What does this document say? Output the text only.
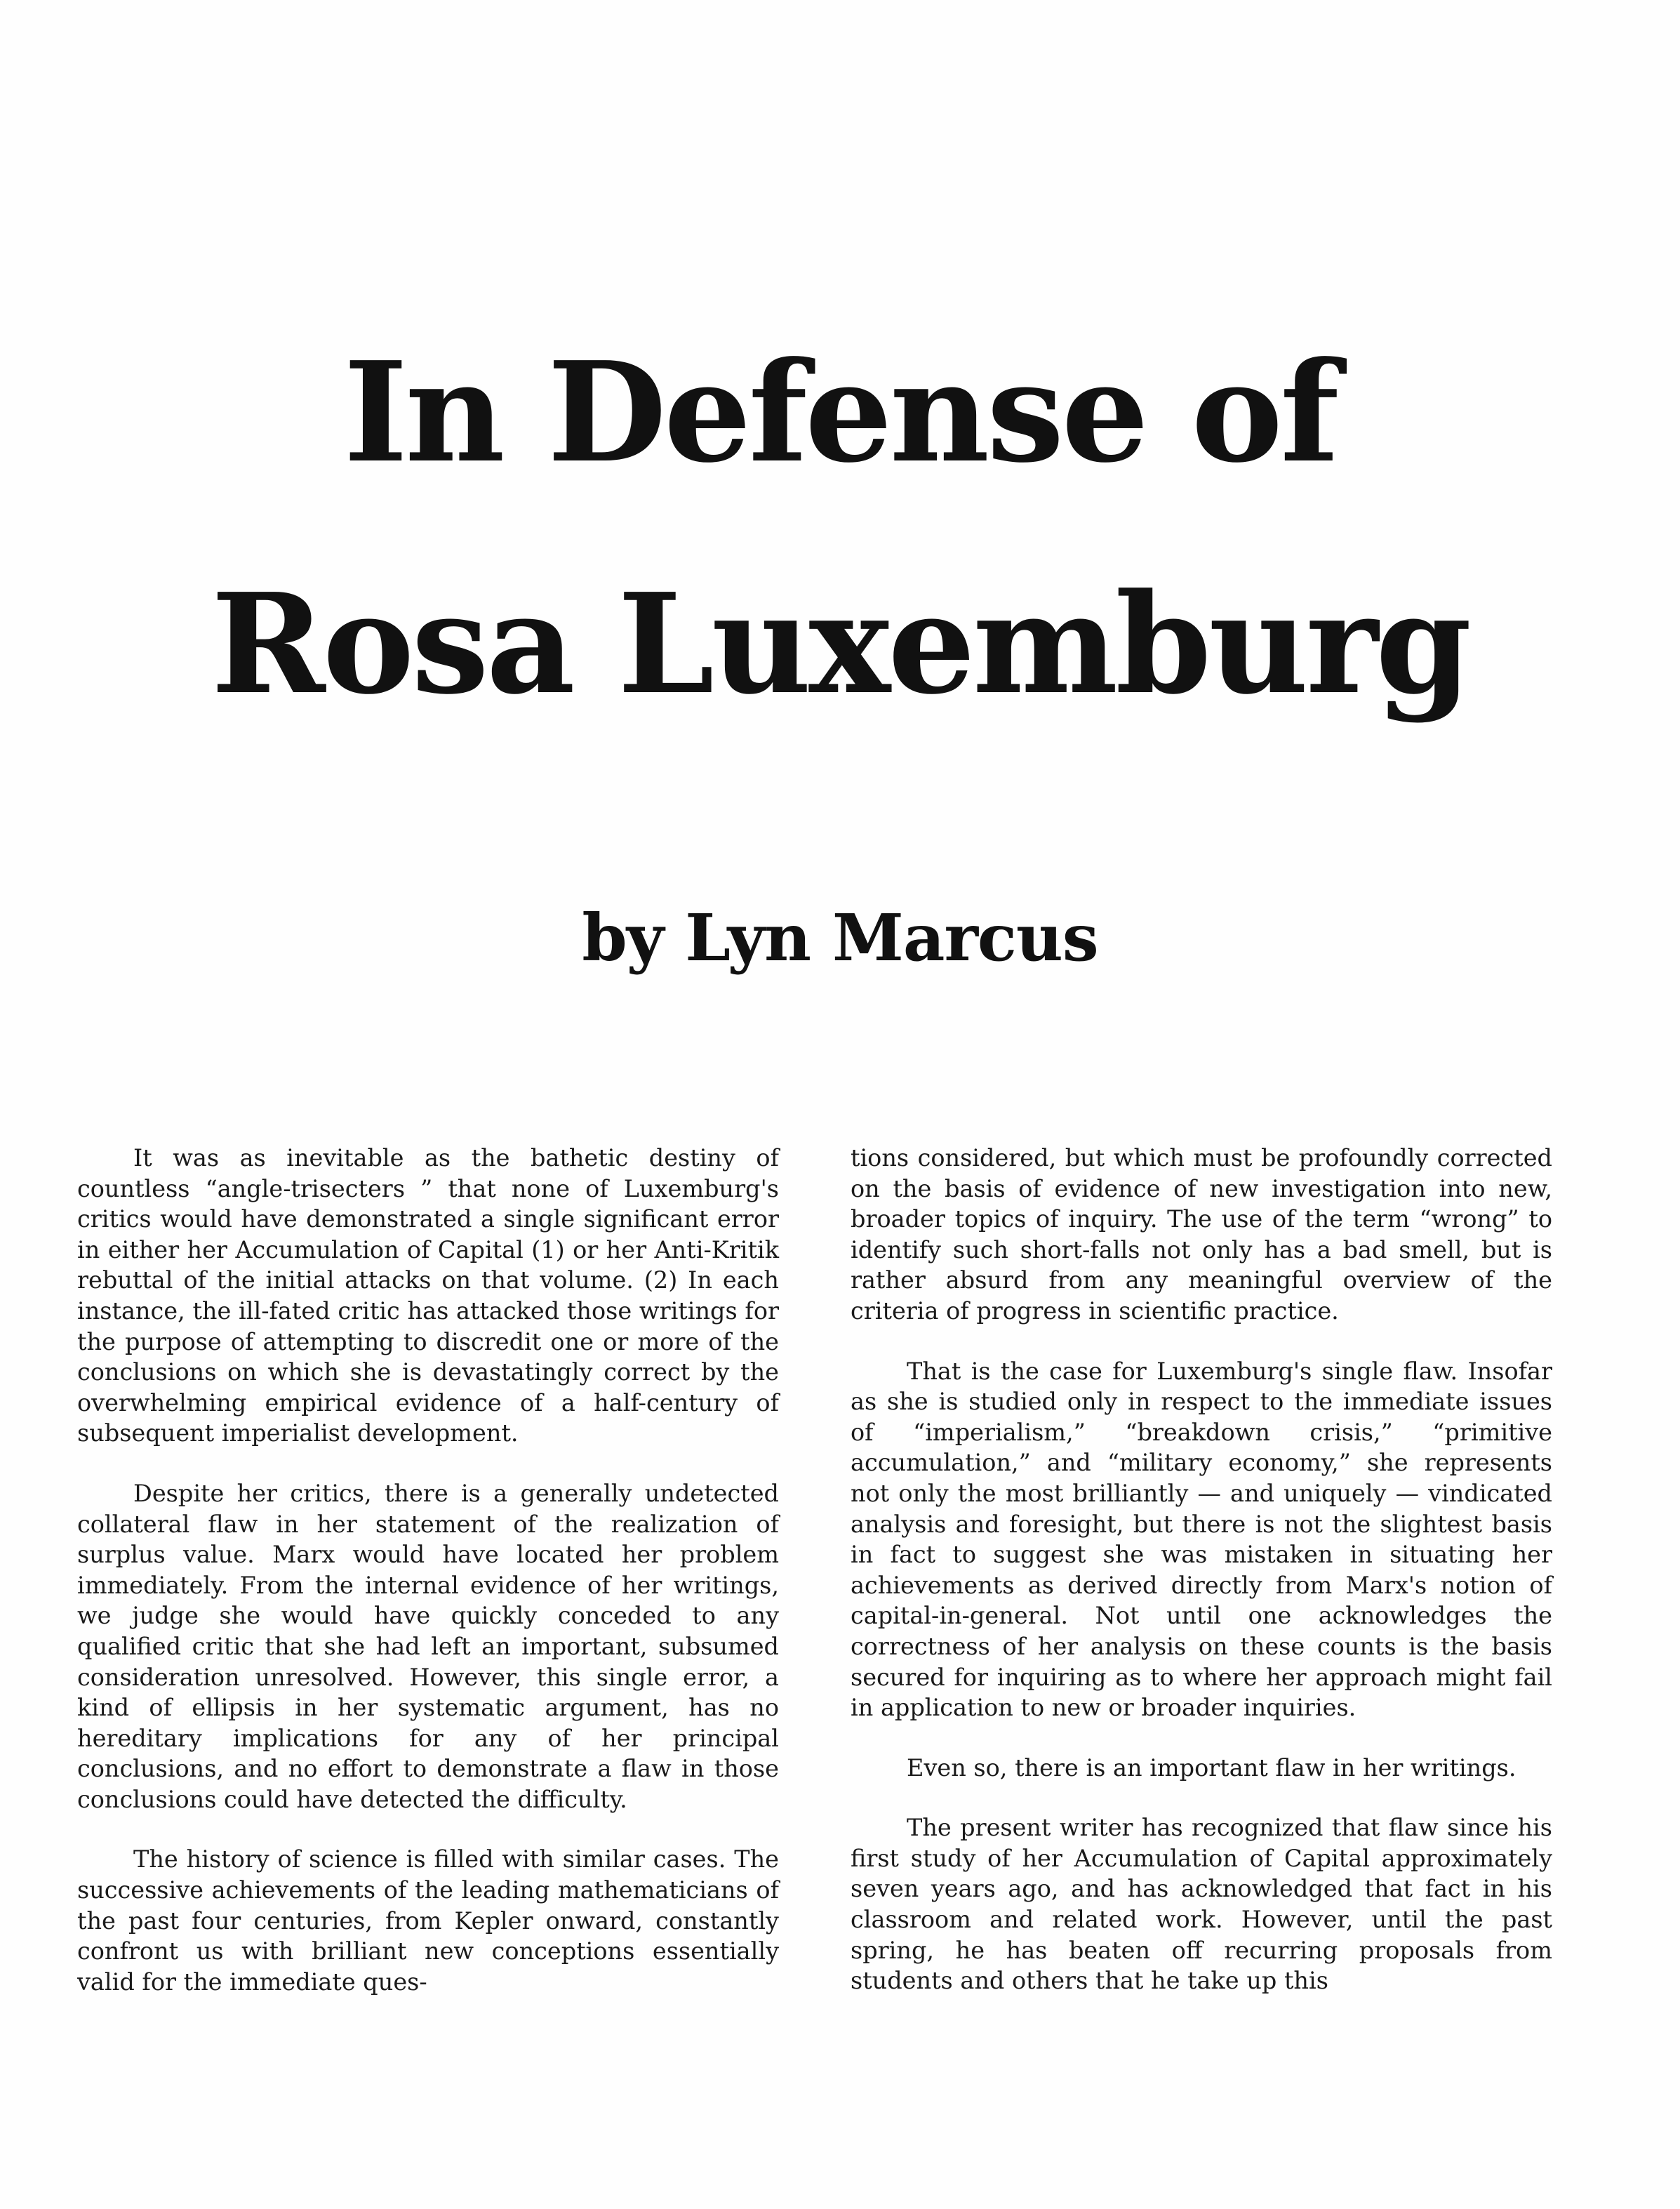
In Defense of
Rosa Luxemburg
by Lyn Marcus

It was as inevitable as the bathetic destiny of countless “angle-trisecters ” that none of Luxemburg's critics would have demonstrated a single significant error in either her Accumulation of Capital (1) or her Anti-Kritik rebuttal of the initial attacks on that volume. (2) In each instance, the ill-fated critic has attacked those writings for the purpose of attempting to discredit one or more of the conclusions on which she is devastatingly correct by the overwhelming empirical evidence of a half-century of subsequent imperialist development.

Despite her critics, there is a generally undetected collateral flaw in her statement of the realization of surplus value. Marx would have located her problem immediately. From the internal evidence of her writings, we judge she would have quickly conceded to any qualified critic that she had left an important, subsumed consideration unresolved. However, this single error, a kind of ellipsis in her systematic argument, has no hereditary implications for any of her principal conclusions, and no effort to demonstrate a flaw in those conclusions could have detected the difficulty.

The history of science is filled with similar cases. The successive achievements of the leading mathematicians of the past four centuries, from Kepler onward, constantly confront us with brilliant new conceptions essentially valid for the immediate ques-

tions considered, but which must be profoundly corrected on the basis of evidence of new investigation into new, broader topics of inquiry. The use of the term “wrong” to identify such short-falls not only has a bad smell, but is rather absurd from any meaningful overview of the criteria of progress in scientific practice.

That is the case for Luxemburg's single flaw. Insofar as she is studied only in respect to the immediate issues of “imperialism,” “breakdown crisis,” “primitive accumulation,” and “military economy,” she represents not only the most brilliantly — and uniquely — vindicated analysis and foresight, but there is not the slightest basis in fact to suggest she was mistaken in situating her achievements as derived directly from Marx's notion of capital-in-general. Not until one acknowledges the correctness of her analysis on these counts is the basis secured for inquiring as to where her approach might fail in application to new or broader inquiries.

Even so, there is an important flaw in her writings.

The present writer has recognized that flaw since his first study of her Accumulation of Capital approximately seven years ago, and has acknowledged that fact in his classroom and related work. However, until the past spring, he has beaten off recurring proposals from students and others that he take up this
